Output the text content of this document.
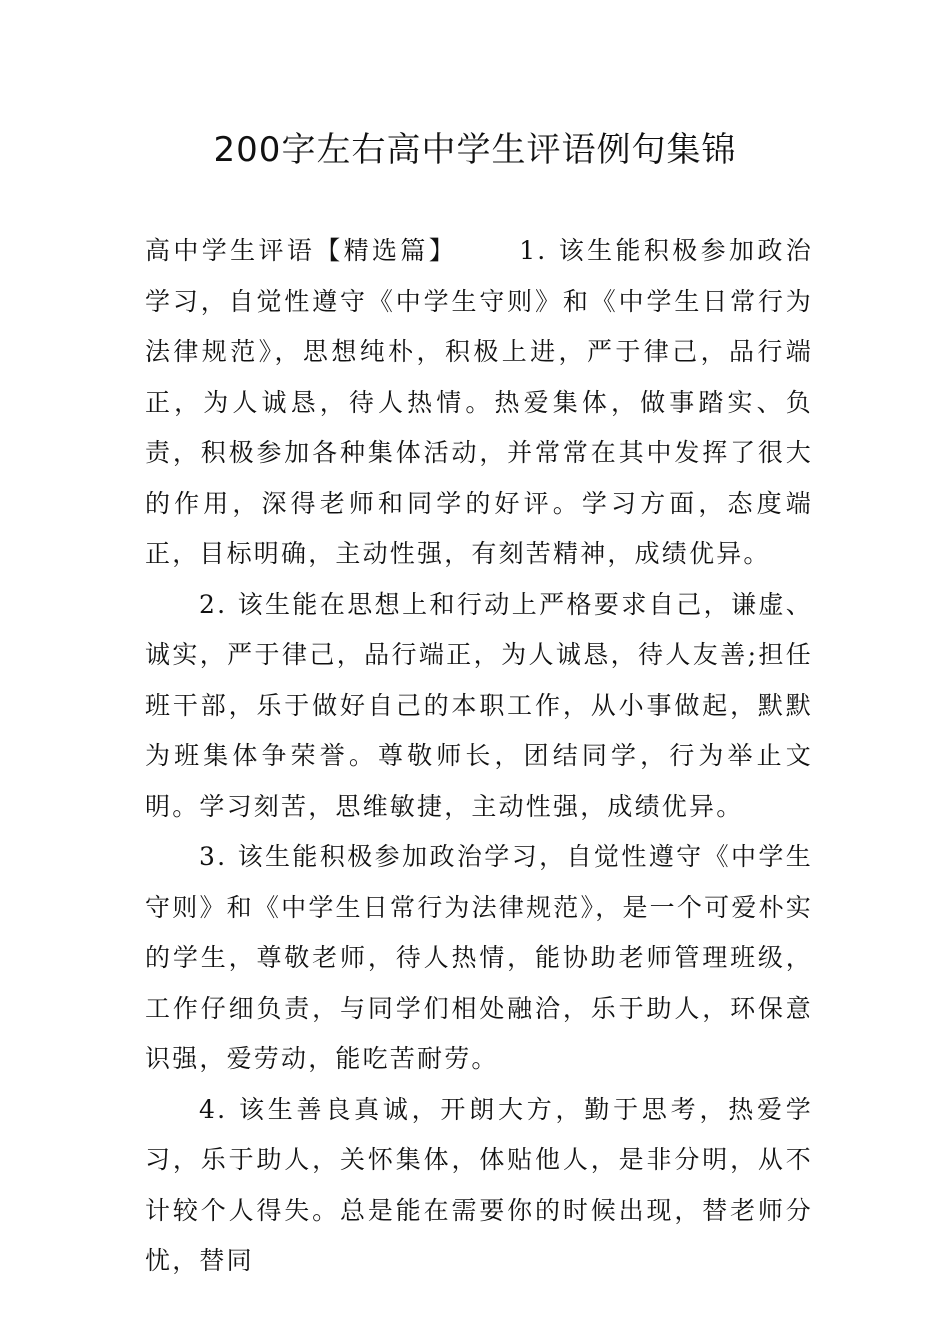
200字左右高中学生评语例句集锦

高中学生评语【精选篇】 1. 该生能积极参加政治学习，自觉性遵守《中学生守则》和《中学生日常行为法律规范》，思想纯朴，积极上进，严于律己，品行端正，为人诚恳，待人热情。热爱集体，做事踏实、负责，积极参加各种集体活动，并常常在其中发挥了很大的作用，深得老师和同学的好评。学习方面，态度端正，目标明确，主动性强，有刻苦精神，成绩优异。

2. 该生能在思想上和行动上严格要求自己，谦虚、诚实，严于律己，品行端正，为人诚恳，待人友善;担任班干部，乐于做好自己的本职工作，从小事做起，默默为班集体争荣誉。尊敬师长，团结同学，行为举止文明。学习刻苦，思维敏捷，主动性强，成绩优异。

3. 该生能积极参加政治学习，自觉性遵守《中学生守则》和《中学生日常行为法律规范》，是一个可爱朴实的学生，尊敬老师，待人热情，能协助老师管理班级，工作仔细负责，与同学们相处融洽，乐于助人，环保意识强，爱劳动，能吃苦耐劳。

4. 该生善良真诚，开朗大方，勤于思考，热爱学习，乐于助人，关怀集体，体贴他人，是非分明，从不计较个人得失。总是能在需要你的时候出现，替老师分忧，替同
